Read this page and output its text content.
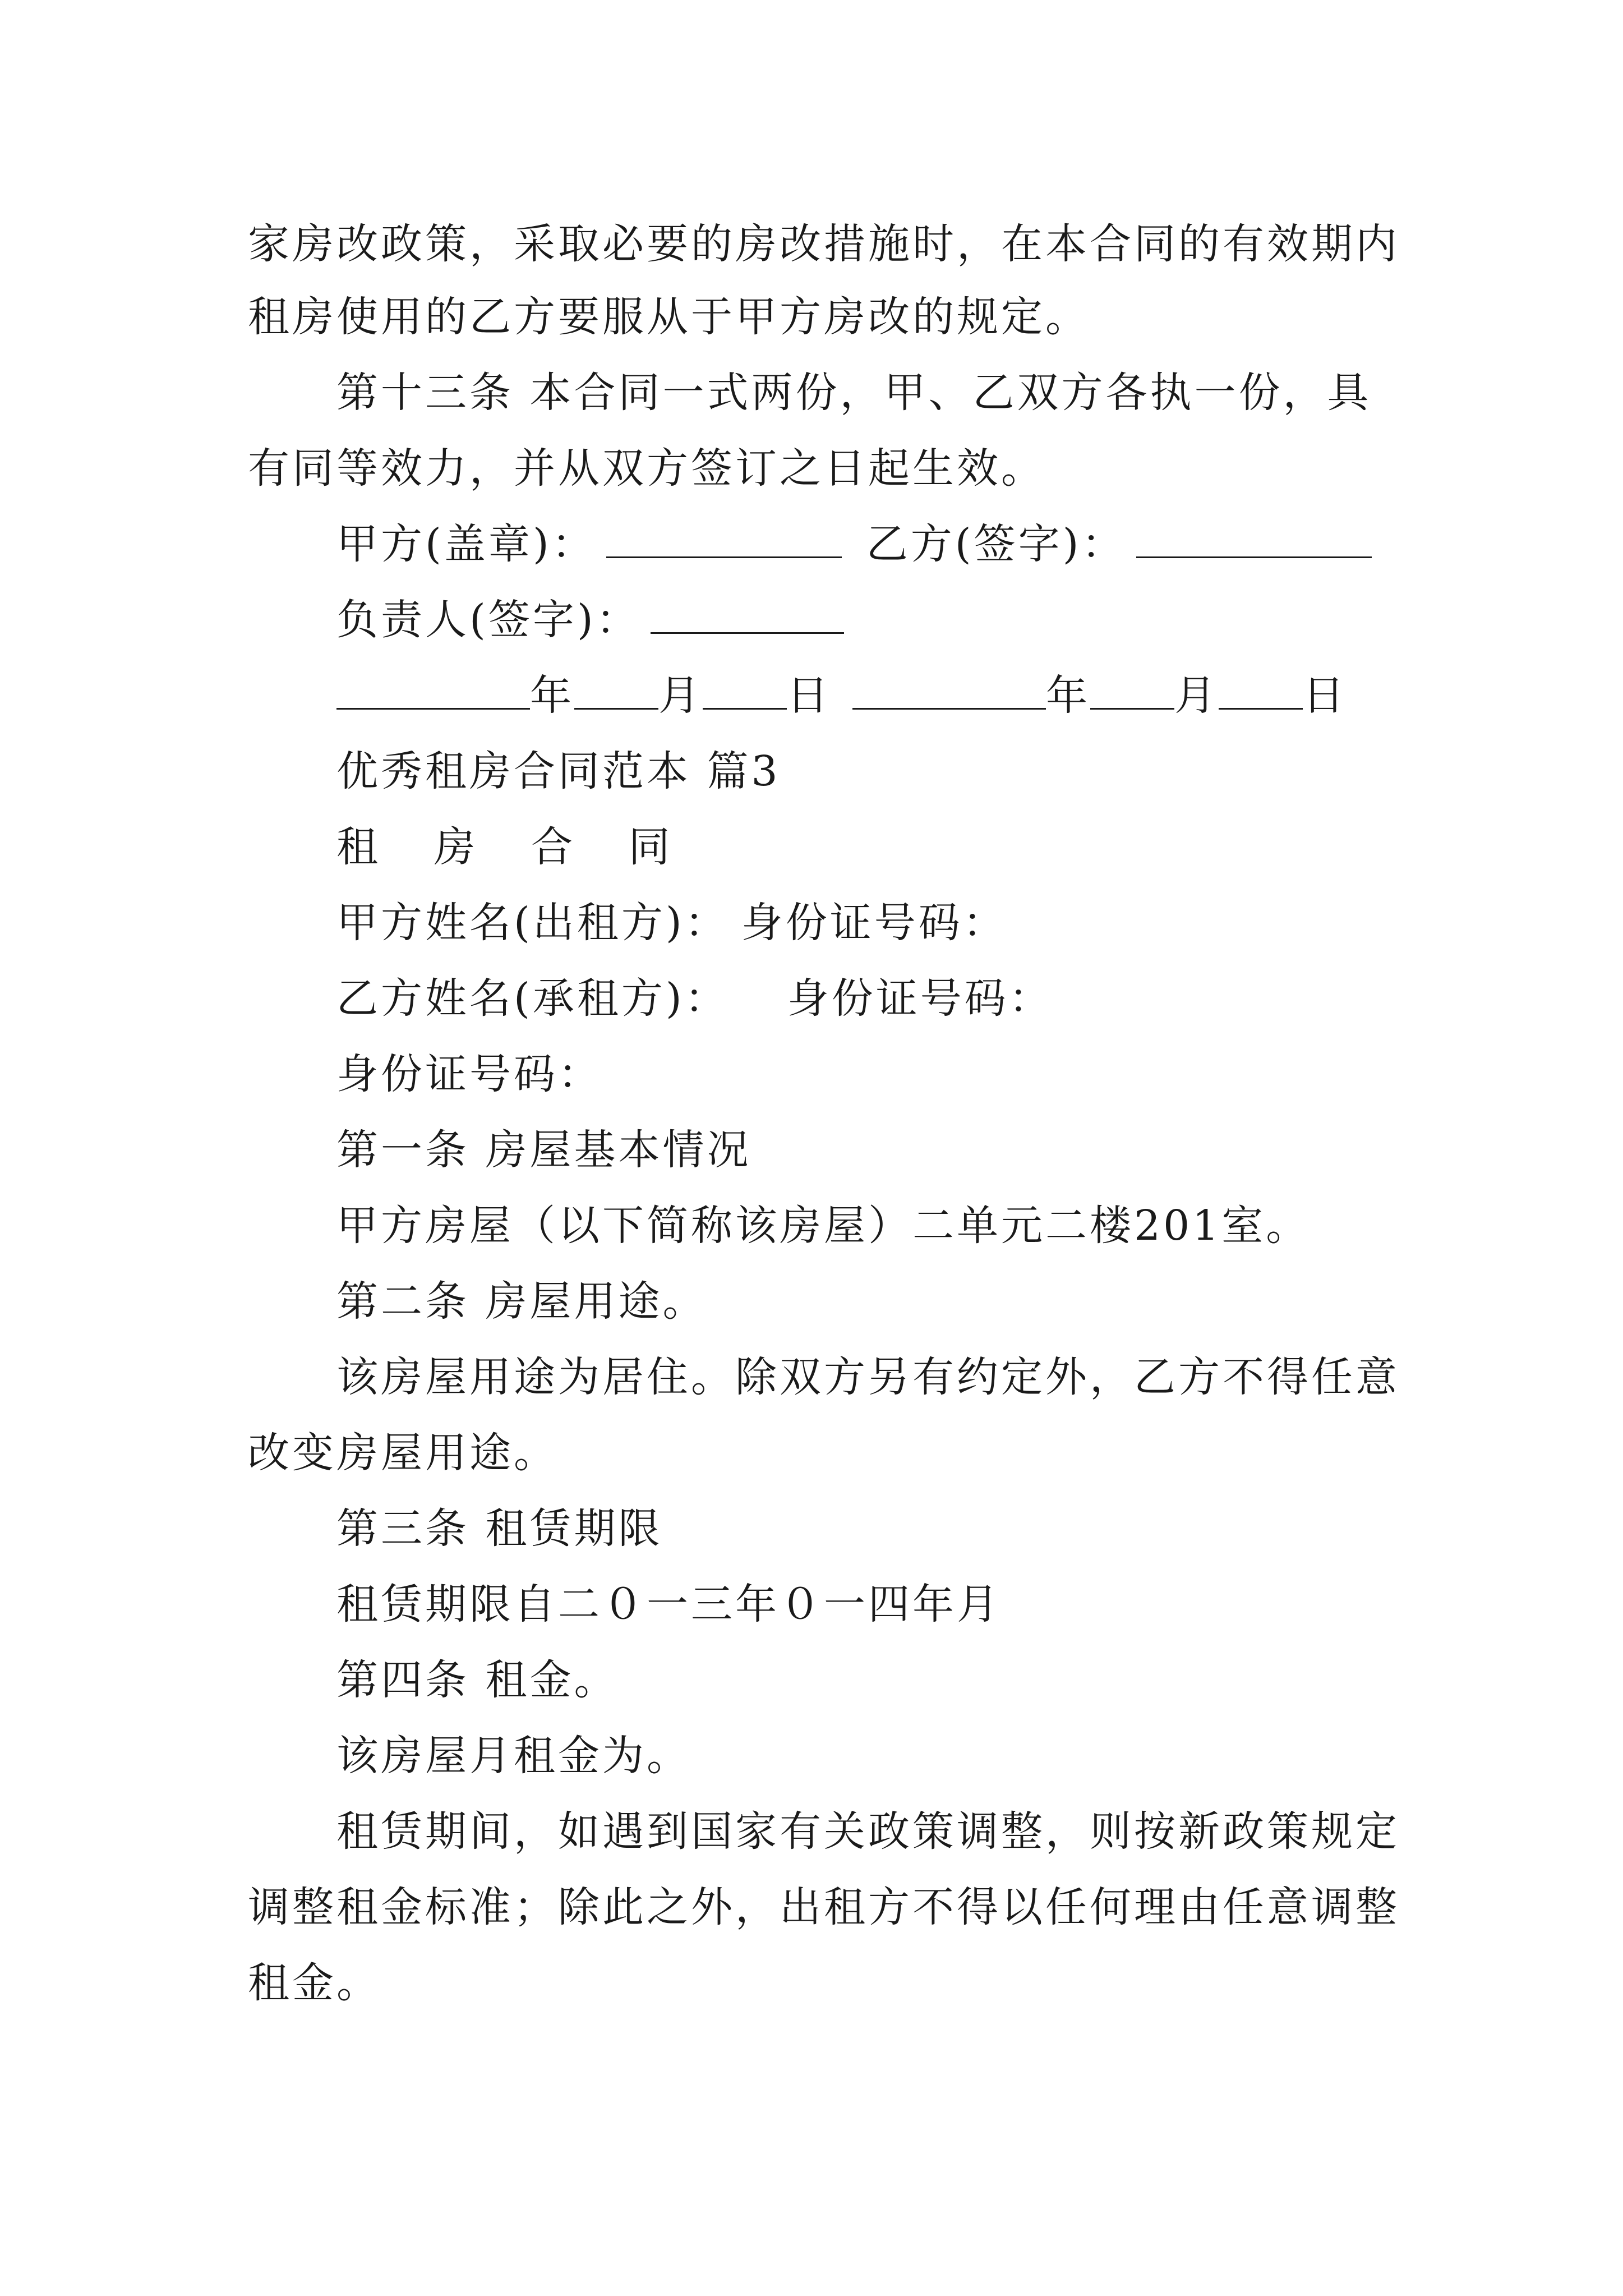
家房改政策，采取必要的房改措施时，在本合同的有效期内
租房使用的乙方要服从于甲方房改的规定。
第十三条 本合同一式两份，甲、乙双方各执一份，具
有同等效力，并从双方签订之日起生效。
甲方(盖章)：	乙方(签字)：
负责人(签字)：
年 月 日	年 月 日
优秀租房合同范本 篇3
租 房 合 同
甲方姓名(出租方)： 身份证号码：
乙方姓名(承租方)： 身份证号码：
身份证号码：
第一条 房屋基本情况
甲方房屋（以下简称该房屋）二单元二楼201室。
第二条 房屋用途。
该房屋用途为居住。除双方另有约定外，乙方不得任意
改变房屋用途。
第三条 租赁期限
租赁期限自二０一三年０一四年月
第四条 租金。
该房屋月租金为。
租赁期间，如遇到国家有关政策调整，则按新政策规定
调整租金标准；除此之外，出租方不得以任何理由任意调整
租金。
